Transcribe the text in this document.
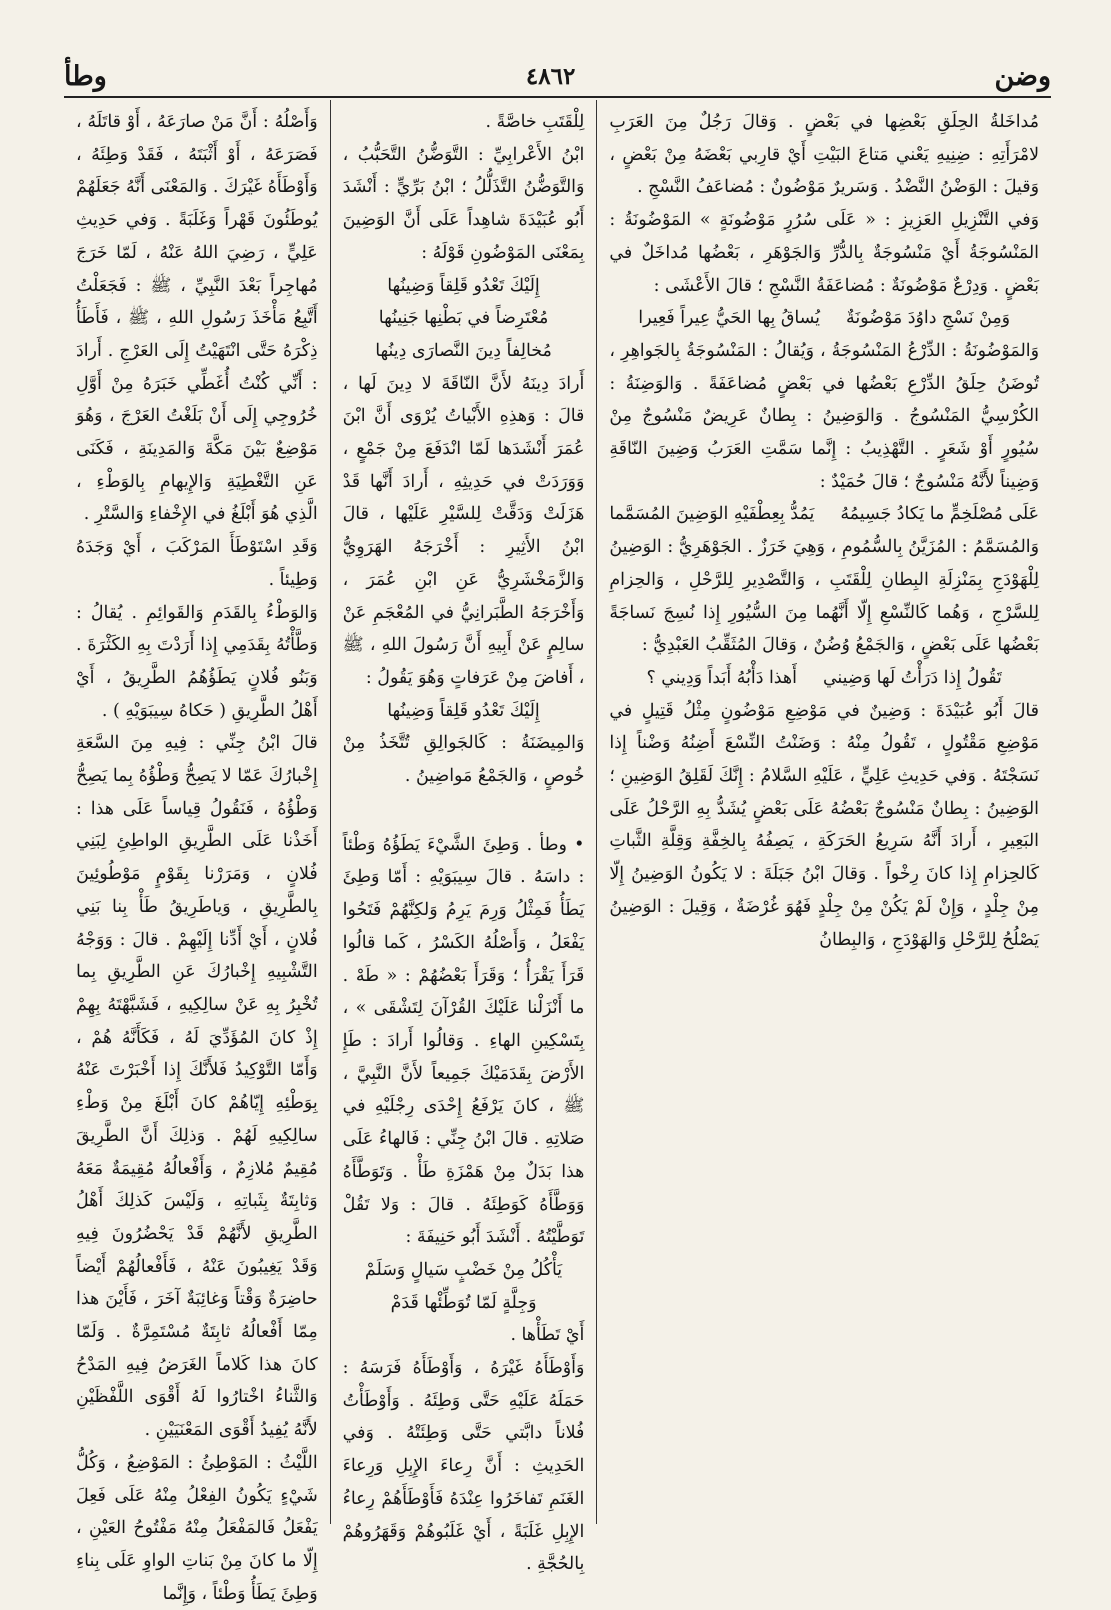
وضن
٤٨٦٢
وطأ

مُداخَلةُ الحِلَقِ بَعْضِها في بَعْضٍ . وَقالَ رَجُلٌ مِنَ العَرَبِ لامْرَأَتِهِ : ضِنِيهِ يَعْني مَتاعَ البَيْتِ أَيْ قارِبي بَعْضَهُ مِنْ بَعْضٍ ، وَقيلَ : الوَضْنُ النَّضْدُ . وَسَريرٌ مَوْضُونٌ : مُضاعَفُ النَّسْجِ .

وَفي التَّنْزِيلِ العَزِيزِ : « عَلَى سُرُرٍ مَوْضُونَةٍ » المَوْضُونَةُ : المَنْسُوجَةُ أَيْ مَنْسُوجَةٌ بِالدُّرِّ وَالجَوْهَرِ ، بَعْضُها مُداخَلٌ في بَعْضٍ . وَدِرْعٌ مَوْضُونَةٌ : مُضاعَفَةُ النَّسْجِ ؛ قالَ الأَعْشَى :

وَمِنْ نَسْجِ داوُدَ مَوْضُونَةٌ
يُساقُ بِها الحَيُّ عِيراً فَعِيرا

وَالمَوْضُونَةُ : الدِّرْعُ المَنْسُوجَةُ ، وَيُقالُ : المَنْسُوجَةُ بِالجَواهِرِ ، تُوضَنُ حِلَقُ الدِّرْعِ بَعْضُها في بَعْضٍ مُضاعَفَةً . وَالوَضِنَةُ : الكُرْسِيُّ المَنْسُوجُ . وَالوَضِينُ : بِطانٌ عَرِيضٌ مَنْسُوجٌ مِنْ سُيُورٍ أَوْ شَعَرٍ . التَّهْذِيبُ : إِنَّما سَمَّتِ العَرَبُ وَضِينَ النّاقَةِ وَضِيناً لأَنَّهُ مَنْسُوجٌ ؛ قالَ حُمَيْدٌ :

عَلَى مُصْلَخِمٍّ ما يَكادُ جَسِيمُهُ
يَمُدُّ بِعِطْفَيْهِ الوَضِينَ المُسَمَّما

وَالمُسَمَّمُ : المُزَيَّنُ بِالسُّمُومِ ، وَهِيَ خَرَزٌ . الجَوْهَرِيُّ : الوَضِينُ لِلْهَوْدَجِ بِمَنْزِلَةِ البِطانِ لِلْقَتَبِ ، وَالتَّصْدِيرِ لِلرَّحْلِ ، وَالحِزامِ لِلسَّرْجِ ، وَهُما كَالنِّسْعِ إِلّا أَنَّهُما مِنَ السُّيُورِ إِذا نُسِجَ نَساجَةً بَعْضُها عَلَى بَعْضٍ ، وَالجَمْعُ وُضُنٌ ، وَقالَ المُثَقِّبُ العَبْدِيُّ :

تَقُولُ إِذا دَرَأْتُ لَها وَضِيني
أَهذا دَأْبُهُ أَبَداً وَدِيني ؟

قالَ أَبُو عُبَيْدَةَ : وَضِينٌ في مَوْضِعِ مَوْضُونٍ مِثْلُ قَتِيلٍ في مَوْضِعِ مَقْتُولٍ ، تَقُولُ مِنْهُ : وَضَنْتُ النِّسْعَ أَضِنُهُ وَضْناً إِذا نَسَجْتَهُ . وَفي حَدِيثِ عَلِيٍّ ، عَلَيْهِ السَّلامُ : إِنَّكَ لَقَلِقُ الوَضِينِ ؛ الوَضِينُ : بِطانٌ مَنْسُوجٌ بَعْضُهُ عَلَى بَعْضٍ يُشَدُّ بِهِ الرَّحْلُ عَلَى البَعِيرِ ، أَرادَ أَنَّهُ سَرِيعُ الحَرَكَةِ ، يَصِفُهُ بِالخِفَّةِ وَقِلَّةِ الثَّباتِ كَالحِزامِ إِذا كانَ رِخْواً . وَقالَ ابْنُ جَبَلَةَ : لا يَكُونُ الوَضِينُ إِلّا مِنْ جِلْدٍ ، وَإِنْ لَمْ يَكُنْ مِنْ جِلْدٍ فَهُوَ غُرْضَةٌ ، وَقِيلَ : الوَضِينُ يَصْلُحُ لِلرَّحْلِ وَالهَوْدَجِ ، وَالبِطانُ

لِلْقَتَبِ خاصَّةً .

ابْنُ الأَعْرابِيِّ : التَّوَضُّنُ التَّحَبُّبُ ، وَالتَّوَضُّنُ التَّذَلُّلُ ؛ ابْنُ بَرِّيٍّ : أَنْشَدَ أَبُو عُبَيْدَةَ شاهِداً عَلَى أَنَّ الوَضِينَ بِمَعْنَى المَوْضُونِ قَوْلَهُ :

إِلَيْكَ تَعْدُو قَلِقاً وَضِينُها
مُعْتَرِضاً في بَطْنِها جَنِينُها
مُخالِفاً دِينَ النَّصارَى دِينُها

أَرادَ دِينَهُ لأَنَّ النّاقَةَ لا دِينَ لَها ، قالَ : وَهذِهِ الأَبْياتُ يُرْوَى أَنَّ ابْنَ عُمَرَ أَنْشَدَها لَمّا انْدَفَعَ مِنْ جَمْعٍ ، وَوَرَدَتْ في حَدِيثِهِ ، أَرادَ أَنَّها قَدْ هَزَلَتْ وَدَقَّتْ لِلسَّيْرِ عَلَيْها ، قالَ ابْنُ الأَثِيرِ : أَخْرَجَهُ الهَرَوِيُّ وَالزَّمَخْشَرِيُّ عَنِ ابْنِ عُمَرَ ، وَأَخْرَجَهُ الطَّبَرانِيُّ في المُعْجَمِ عَنْ سالِمٍ عَنْ أَبِيهِ أَنَّ رَسُولَ اللهِ ، ﷺ ، أَفاضَ مِنْ عَرَفاتٍ وَهُوَ يَقُولُ :

إِلَيْكَ تَعْدُو قَلِقاً وَضِينُها

وَالمِيضَنَةُ : كَالجَوالِقِ تُتَّخَذُ مِنْ خُوصٍ ، وَالجَمْعُ مَواضِينُ .

• وطأ . وَطِئَ الشَّيْءَ يَطَؤُهُ وَطْئاً : داسَهُ . قالَ سِيبَوَيْهِ : أَمّا وَطِئَ يَطَأُ فَمِثْلُ وَرِمَ يَرِمُ وَلكِنَّهُمْ فَتَحُوا يَفْعَلُ ، وَأَصْلُهُ الكَسْرُ ، كَما قالُوا قَرَأَ يَقْرَأُ ؛ وَقَرَأَ بَعْضُهُمْ : « طَهْ . ما أَنْزَلْنا عَلَيْكَ القُرْآنَ لِتَشْقَى » ، بِتَسْكِينِ الهاءِ . وَقالُوا أَرادَ : طَإِ الأَرْضَ بِقَدَمَيْكَ جَمِيعاً لأَنَّ النَّبِيَّ ، ﷺ ، كانَ يَرْفَعُ إِحْدَى رِجْلَيْهِ في صَلاتِهِ . قالَ ابْنُ جِنِّي : فَالهاءُ عَلَى هذا بَدَلٌ مِنْ هَمْزَةِ طَأْ . وَتَوَطَّأَهُ وَوَطَّأَهُ كَوَطِئَهُ . قالَ : وَلا تَقُلْ تَوَطَّيْتُهُ . أَنْشَدَ أَبُو حَنِيفَةَ :

يَأْكُلُ مِنْ خَضْبٍ سَيالٍ وَسَلَمْ
وَجِلَّةٍ لَمّا تُوَطِّئْها قَدَمْ

أَيْ تَطَأْها .

وَأَوْطَأَهُ غَيْرَهُ ، وَأَوْطَأَهُ فَرَسَهُ : حَمَلَهُ عَلَيْهِ حَتَّى وَطِئَهُ . وَأَوْطَأْتُ فُلاناً دابَّتي حَتَّى وَطِئَتْهُ . وَفي الحَدِيثِ : أَنَّ رِعاءَ الإِبِلِ وَرِعاءَ الغَنَمِ تَفاخَرُوا عِنْدَهُ فَأَوْطَأَهُمْ رِعاءُ الإِبِلِ غَلَبَةً ، أَيْ غَلَبُوهُمْ وَقَهَرُوهُمْ بِالحُجَّةِ .

وَأَصْلُهُ : أَنَّ مَنْ صارَعَهُ ، أَوْ قاتَلَهُ ، فَصَرَعَهُ ، أَوْ أَثْبَتَهُ ، فَقَدْ وَطِئَهُ ، وَأَوْطَأَهُ غَيْرَكَ . وَالمَعْنَى أَنَّهُ جَعَلَهُمْ يُوطَئُونَ قَهْراً وَغَلَبَةً . وَفي حَدِيثِ عَلِيٍّ ، رَضِيَ اللهُ عَنْهُ ، لَمّا خَرَجَ مُهاجِراً بَعْدَ النَّبِيِّ ، ﷺ : فَجَعَلْتُ أَتَّبِعُ مَأْخَذَ رَسُولِ اللهِ ، ﷺ ، فَأَطَأُ ذِكْرَهُ حَتَّى انْتَهَيْتُ إِلَى العَرْجِ . أَرادَ : أَنِّي كُنْتُ أُغَطِّي خَبَرَهُ مِنْ أَوَّلِ خُرُوجِي إِلَى أَنْ بَلَغْتُ العَرْجَ ، وَهُوَ مَوْضِعٌ بَيْنَ مَكَّةَ وَالمَدِينَةِ ، فَكَنَى عَنِ التَّغْطِيَةِ وَالإِيهامِ بِالوَطْءِ ، الَّذِي هُوَ أَبْلَغُ في الإِخْفاءِ وَالسَّتْرِ .

وَقَدِ اسْتَوْطَأَ المَرْكَبَ ، أَيْ وَجَدَهُ وَطِيئاً .

وَالوَطْءُ بِالقَدَمِ وَالقَوائِمِ . يُقالُ : وَطَّأْتُهُ بِقَدَمِي إِذا أَرَدْتَ بِهِ الكَثْرَةَ . وَبَنُو فُلانٍ يَطَؤُهُمُ الطَّرِيقُ ، أَيْ أَهْلُ الطَّرِيقِ ( حَكاهُ سِيبَوَيْهِ ) .

قالَ ابْنُ جِنِّي : فِيهِ مِنَ السَّعَةِ إِخْبارُكَ عَمّا لا يَصِحُّ وَطْؤُهُ بِما يَصِحُّ وَطْؤُهُ ، فَنَقُولُ قِياساً عَلَى هذا : أَخَذْنا عَلَى الطَّرِيقِ الواطِئِ لِبَنِي فُلانٍ ، وَمَرَرْنا بِقَوْمٍ مَوْطُوئِينَ بِالطَّرِيقِ ، وَياطَرِيقُ طَأْ بِنا بَنِي فُلانٍ ، أَيْ أَدِّنا إِلَيْهِمْ . قالَ : وَوَجْهُ التَّشْبِيهِ إِخْبارُكَ عَنِ الطَّرِيقِ بِما تُخْبِرُ بِهِ عَنْ سالِكِيهِ ، فَشَبَّهْتَهُ بِهِمْ إِذْ كانَ المُؤَدِّيَ لَهُ ، فَكَأَنَّهُ هُمْ ، وَأَمّا التَّوْكِيدُ فَلأَنَّكَ إِذا أَخْبَرْتَ عَنْهُ بِوَطْئِهِ إِيّاهُمْ كانَ أَبْلَغَ مِنْ وَطْءِ سالِكِيهِ لَهُمْ . وَذلِكَ أَنَّ الطَّرِيقَ مُقِيمٌ مُلازِمٌ ، وَأَفْعالُهُ مُقِيمَةٌ مَعَهُ وَثابِتَةٌ بِثَباتِهِ ، وَلَيْسَ كَذلِكَ أَهْلُ الطَّرِيقِ لأَنَّهُمْ قَدْ يَحْضُرُونَ فِيهِ وَقَدْ يَغِيبُونَ عَنْهُ ، فَأَفْعالُهُمْ أَيْضاً حاضِرَةٌ وَقْتاً وَغائِبَةٌ آخَرَ ، فَأَيْنَ هذا مِمّا أَفْعالُهُ ثابِتَةٌ مُسْتَمِرَّةٌ . وَلَمّا كانَ هذا كَلاماً الغَرَضُ فِيهِ المَدْحُ وَالثَّناءُ اخْتارُوا لَهُ أَقْوَى اللَّفْظَيْنِ لأَنَّهُ يُفِيدُ أَقْوَى المَعْنَيَيْنِ .

اللَّيْثُ : المَوْطِئُ : المَوْضِعُ ، وَكُلُّ شَيْءٍ يَكُونُ الفِعْلُ مِنْهُ عَلَى فَعِلَ يَفْعَلُ فَالمَفْعَلُ مِنْهُ مَفْتُوحُ العَيْنِ ، إِلّا ما كانَ مِنْ بَناتِ الواوِ عَلَى بِناءِ وَطِئَ يَطَأُ وَطْئاً ، وَإِنَّما
